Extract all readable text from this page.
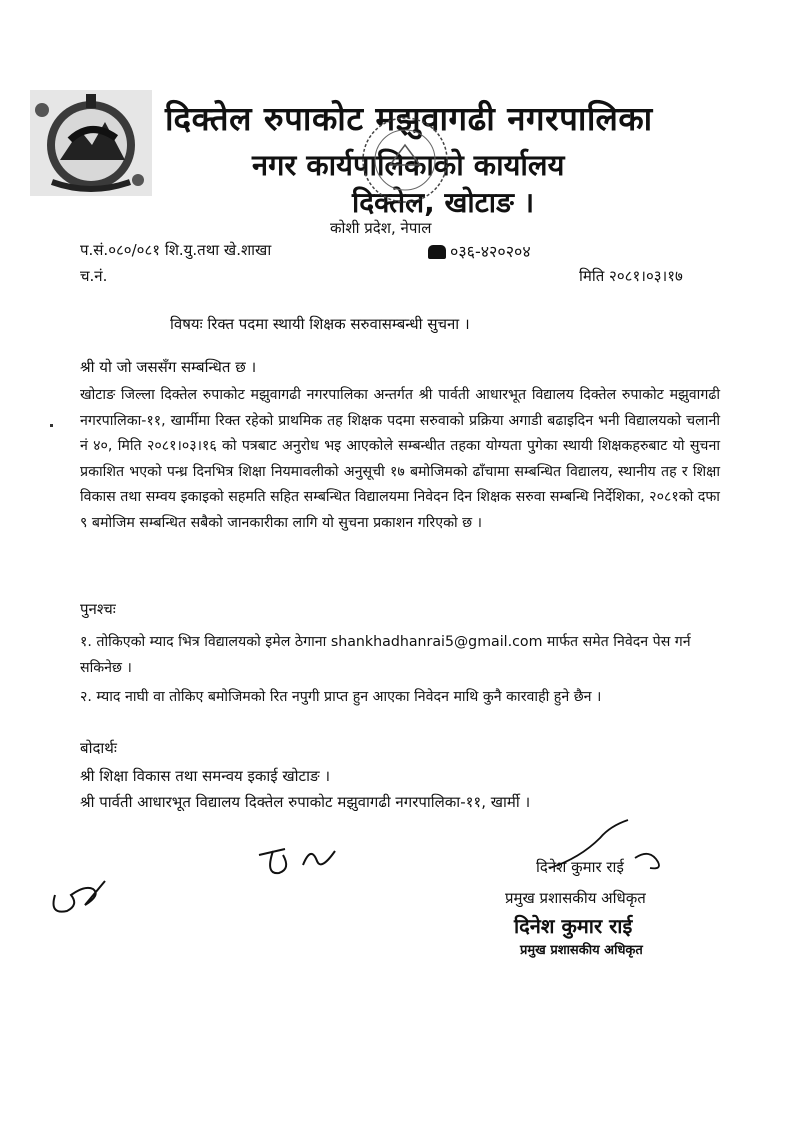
दिक्तेल रुपाकोट मझुवागढी नगरपालिका
नगर कार्यपालिकाको कार्यालय
दिक्तेल, खोटाङ ।
कोशी प्रदेश, नेपाल
प.सं.०८०/०८१ शि.यु.तथा खे.शाखा	०३६-४२०२०४
च.नं.	मिति २०८१।०३।१७
विषयः रिक्त पदमा स्थायी शिक्षक सरुवासम्बन्धी सुचना ।
श्री यो जो जससँग सम्बन्धित छ ।
खोटाङ जिल्ला दिक्तेल रुपाकोट मझुवागढी नगरपालिका अन्तर्गत श्री पार्वती आधारभूत विद्यालय दिक्तेल रुपाकोट मझुवागढी नगरपालिका-११, खार्मीमा रिक्त रहेको प्राथमिक तह शिक्षक पदमा सरुवाको प्रक्रिया अगाडी बढाइदिन भनी विद्यालयको चलानी नं ४०, मिति २०८१।०३।१६ को पत्रबाट अनुरोध भइ आएकोले सम्बन्धीत तहका योग्यता पुगेका स्थायी शिक्षकहरुबाट यो सुचना प्रकाशित भएको पन्ध्र दिनभित्र शिक्षा नियमावलीको अनुसूची १७ बमोजिमको ढाँचामा सम्बन्धित विद्यालय, स्थानीय तह र शिक्षा विकास तथा सम्वय इकाइको सहमति सहित सम्बन्धित विद्यालयमा निवेदन दिन शिक्षक सरुवा सम्बन्धि निर्देशिका, २०८१को दफा ९ बमोजिम सम्बन्धित सबैको जानकारीका लागि यो सुचना प्रकाशन गरिएको छ ।
पुनश्चः
१. तोकिएको म्याद भित्र विद्यालयको इमेल ठेगाना shankhadhanrai5@gmail.com मार्फत समेत निवेदन पेस गर्न सकिनेछ ।
२. म्याद नाघी वा तोकिए बमोजिमको रित नपुगी प्राप्त हुन आएका निवेदन माथि कुनै कारवाही हुने छैन ।
बोदार्थः
श्री शिक्षा विकास तथा समन्वय इकाई खोटाङ ।
श्री पार्वती आधारभूत विद्यालय दिक्तेल रुपाकोट मझुवागढी नगरपालिका-११, खार्मी ।
दिनेश कुमार राई
प्रमुख प्रशासकीय अधिकृत
दिनेश कुमार राई
प्रमुख प्रशासकीय अधिकृत
